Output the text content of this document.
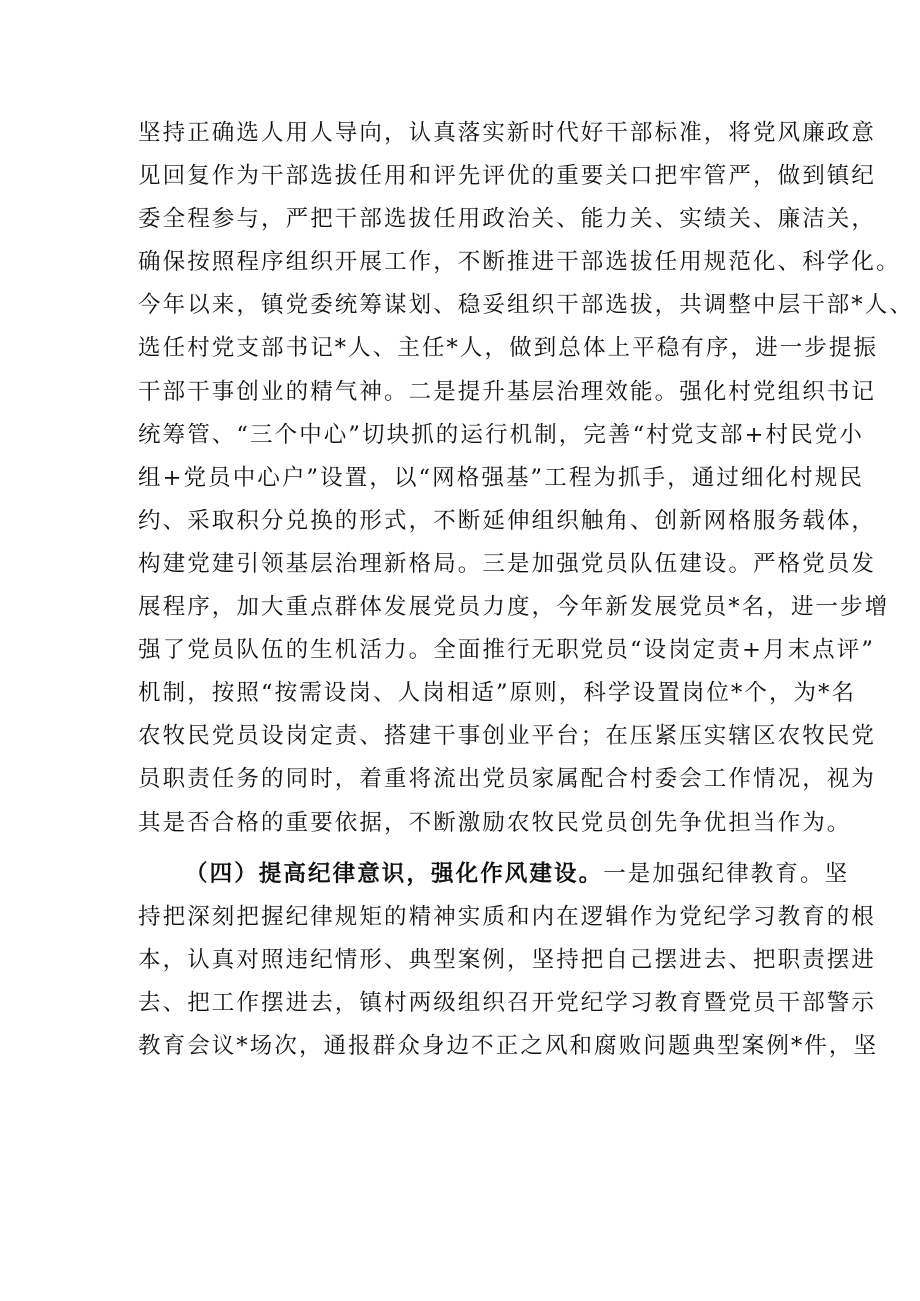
坚持正确选人用人导向，认真落实新时代好干部标准，将党风廉政意
见回复作为干部选拔任用和评先评优的重要关口把牢管严，做到镇纪
委全程参与，严把干部选拔任用政治关、能力关、实绩关、廉洁关，
确保按照程序组织开展工作，不断推进干部选拔任用规范化、科学化。
今年以来，镇党委统筹谋划、稳妥组织干部选拔，共调整中层干部*人、
选任村党支部书记*人、主任*人，做到总体上平稳有序，进一步提振
干部干事创业的精气神。二是提升基层治理效能。强化村党组织书记
统筹管、“三个中心”切块抓的运行机制，完善“村党支部+村民党小
组+党员中心户”设置，以“网格强基”工程为抓手，通过细化村规民
约、采取积分兑换的形式，不断延伸组织触角、创新网格服务载体，
构建党建引领基层治理新格局。三是加强党员队伍建设。严格党员发
展程序，加大重点群体发展党员力度，今年新发展党员*名，进一步增
强了党员队伍的生机活力。全面推行无职党员“设岗定责+月末点评”
机制，按照“按需设岗、人岗相适”原则，科学设置岗位*个，为*名
农牧民党员设岗定责、搭建干事创业平台；在压紧压实辖区农牧民党
员职责任务的同时，着重将流出党员家属配合村委会工作情况，视为
其是否合格的重要依据，不断激励农牧民党员创先争优担当作为。
（四）提高纪律意识，强化作风建设。一是加强纪律教育。坚
持把深刻把握纪律规矩的精神实质和内在逻辑作为党纪学习教育的根
本，认真对照违纪情形、典型案例，坚持把自己摆进去、把职责摆进
去、把工作摆进去，镇村两级组织召开党纪学习教育暨党员干部警示
教育会议*场次，通报群众身边不正之风和腐败问题典型案例*件，坚
